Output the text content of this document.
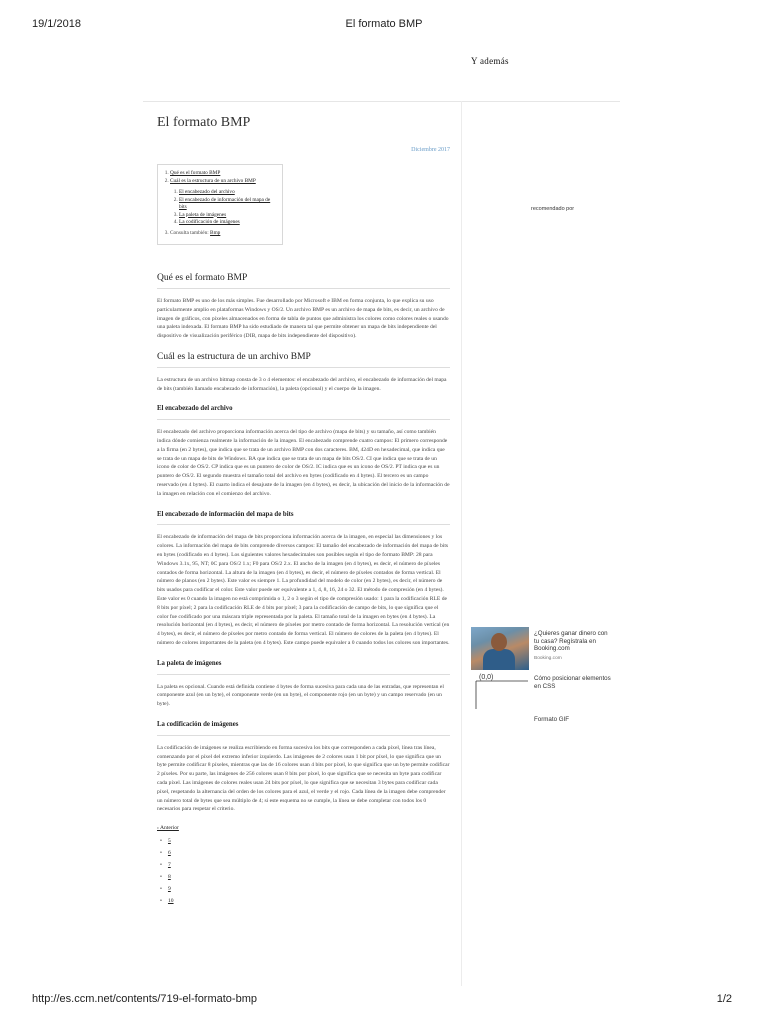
19/1/2018	El formato BMP
Y además
El formato BMP
Diciembre 2017
1. Qué es el formato BMP
2. Cuál es la estructura de un archivo BMP
1. El encabezado del archivo
2. El encabezado de información del mapa de bits
3. La paleta de imágenes
4. La codificación de imágenes
3. Consulta también: Bmp
Qué es el formato BMP

El formato BMP es uno de los más simples. Fue desarrollado por Microsoft e IBM en forma conjunta, lo que explica su uso particularmente amplio en plataformas Windows y OS/2. Un archivo BMP es un archivo de mapa de bits, es decir, un archivo de imagen de gráficos, con píxeles almacenados en forma de tabla de puntos que administra los colores como colores reales o usando una paleta indexada. El formato BMP ha sido estudiado de manera tal que permite obtener un mapa de bits independiente del dispositivo de visualización periférico (DIB, mapa de bits independiente del dispositivo).

Cuál es la estructura de un archivo BMP

La estructura de un archivo bitmap consta de 3 o 4 elementos: el encabezado del archivo, el encabezado de información del mapa de bits (también llamado encabezado de información), la paleta (opcional) y el cuerpo de la imagen.

El encabezado del archivo

El encabezado del archivo proporciona información acerca del tipo de archivo (mapa de bits) y su tamaño, así como también indica dónde comienza realmente la información de la imagen. El encabezado comprende cuatro campos: El primero corresponde a la firma (en 2 bytes), que indica que se trata de un archivo BMP con dos caracteres. BM, 424D en hexadecimal, que indica que se trata de un mapa de bits de Windows. BA que indica que se trata de un mapa de bits OS/2. CI que indica que se trata de un icono de color de OS/2. CP indica que es un puntero de color de OS/2. IC indica que es un icono de OS/2. PT indica que es un puntero de OS/2. El segundo muestra el tamaño total del archivo en bytes (codificado en 4 bytes). El tercero es un campo reservado (en 4 bytes). El cuarto indica el desajuste de la imagen (en 4 bytes), es decir, la ubicación del inicio de la información de la imagen en relación con el comienzo del archivo.

El encabezado de información del mapa de bits

El encabezado de información del mapa de bits proporciona información acerca de la imagen, en especial las dimensiones y los colores. La información del mapa de bits comprende diversos campos: El tamaño del encabezado de información del mapa de bits en bytes (codificado en 4 bytes). Los siguientes valores hexadecimales son posibles según el tipo de formato BMP: 28 para Windows 3.1x, 95, NT; 0C para OS/2 1.x; F0 para OS/2 2.x. El ancho de la imagen (en 4 bytes), es decir, el número de píxeles contados de forma horizontal. La altura de la imagen (en 4 bytes), es decir, el número de píxeles contados de forma vertical. El número de planos (en 2 bytes). Este valor es siempre 1. La profundidad del modelo de color (en 2 bytes), es decir, el número de bits usados para codificar el color. Este valor puede ser equivalente a 1, 4, 8, 16, 24 o 32. El método de compresión (en 4 bytes). Este valor es 0 cuando la imagen no está comprimida o 1, 2 o 3 según el tipo de compresión usado: 1 para la codificación RLE de 8 bits por píxel; 2 para la codificación RLE de 4 bits por píxel; 3 para la codificación de campo de bits, lo que significa que el color fue codificado por una máscara triple representada por la paleta. El tamaño total de la imagen en bytes (en 4 bytes). La resolución horizontal (en 4 bytes), es decir, el número de píxeles por metro contado de forma horizontal. La resolución vertical (en 4 bytes), es decir, el número de píxeles por metro contado de forma vertical. El número de colores de la paleta (en 4 bytes). El número de colores importantes de la paleta (en 4 bytes). Este campo puede equivaler a 0 cuando todos los colores son importantes.

La paleta de imágenes

La paleta es opcional. Cuando está definida contiene 4 bytes de forma sucesiva para cada una de las entradas, que representan el componente azul (en un byte), el componente verde (en un byte), el componente rojo (en un byte) y un campo reservado (en un byte).

La codificación de imágenes

La codificación de imágenes se realiza escribiendo en forma sucesiva los bits que corresponden a cada píxel, línea tras línea, comenzando por el píxel del extremo inferior izquierdo. Las imágenes de 2 colores usan 1 bit por píxel, lo que significa que un byte permite codificar 8 píxeles, mientras que las de 16 colores usan 4 bits por píxel, lo que significa que un byte permite codificar 2 píxeles. Por su parte, las imágenes de 256 colores usan 8 bits por píxel, lo que significa que se necesita un byte para codificar cada píxel. Las imágenes de colores reales usan 24 bits por píxel, lo que significa que se necesitan 3 bytes para codificar cada píxel, respetando la alternancia del orden de los colores para el azul, el verde y el rojo. Cada línea de la imagen debe comprender un número total de bytes que sea múltiplo de 4; si este esquema no se cumple, la línea se debe completar con todos los 0 necesarios para respetar el criterio.

‹ Anterior
• 5
• 6
• 7
• 8
• 9
• 10
recomendado por
¿Quieres ganar dinero con tu casa? Regístrala en Booking.com
Booking.com
(0,0)	Cómo posicionar elementos en CSS
Formato GIF
http://es.ccm.net/contents/719-el-formato-bmp	1/2
